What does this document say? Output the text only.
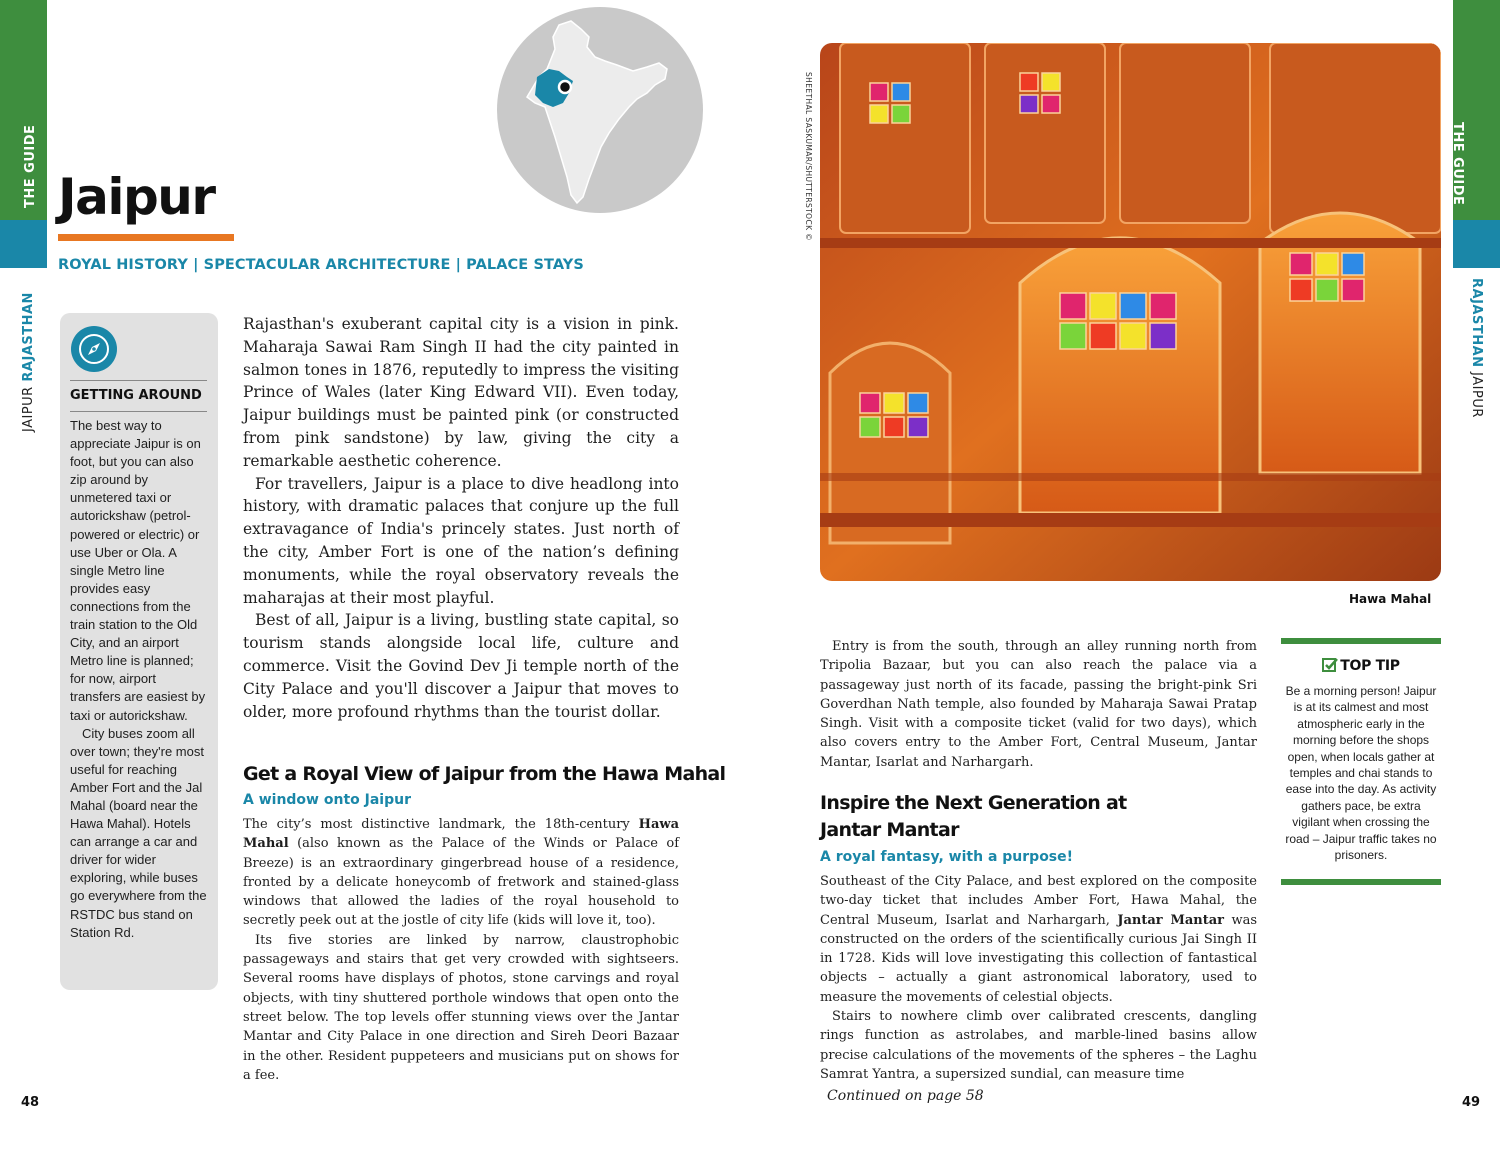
THE GUIDE
JAIPUR RAJASTHAN
48
Jaipur
ROYAL HISTORY | SPECTACULAR ARCHITECTURE | PALACE STAYS
GETTING AROUND

The best way to appreciate Jaipur is on foot, but you can also zip around by unmetered taxi or autorickshaw (petrol-powered or electric) or use Uber or Ola. A single Metro line provides easy connections from the train station to the Old City, and an airport Metro line is planned; for now, airport transfers are easiest by taxi or autorickshaw.

City buses zoom all over town; they're most useful for reaching Amber Fort and the Jal Mahal (board near the Hawa Mahal). Hotels can arrange a car and driver for wider exploring, while buses go everywhere from the RSTDC bus stand on Station Rd.

Rajasthan's exuberant capital city is a vision in pink. Maharaja Sawai Ram Singh II had the city painted in salmon tones in 1876, reputedly to impress the visiting Prince of Wales (later King Edward VII). Even today, Jaipur buildings must be painted pink (or constructed from pink sandstone) by law, giving the city a remarkable aesthetic coherence.

For travellers, Jaipur is a place to dive headlong into history, with dramatic palaces that conjure up the full extravagance of India's princely states. Just north of the city, Amber Fort is one of the nation’s defining monuments, while the royal observatory reveals the maharajas at their most playful.

Best of all, Jaipur is a living, bustling state capital, so tourism stands alongside local life, culture and commerce. Visit the Govind Dev Ji temple north of the City Palace and you'll discover a Jaipur that moves to older, more profound rhythms than the tourist dollar.

Get a Royal View of Jaipur from the Hawa Mahal
A window onto Jaipur

The city’s most distinctive landmark, the 18th-century Hawa Mahal (also known as the Palace of the Winds or Palace of Breeze) is an extraordinary gingerbread house of a residence, fronted by a delicate honeycomb of fretwork and stained-glass windows that allowed the ladies of the royal household to secretly peek out at the jostle of city life (kids will love it, too).

Its five stories are linked by narrow, claustrophobic passageways and stairs that get very crowded with sightseers. Several rooms have displays of photos, stone carvings and royal objects, with tiny shuttered porthole windows that open onto the street below. The top levels offer stunning views over the Jantar Mantar and City Palace in one direction and Sireh Deori Bazaar in the other. Resident puppeteers and musicians put on shows for a fee.

THE GUIDE
RAJASTHAN JAIPUR
49
SHEETHAL SASKUMAR/SHUTTERSTOCK ©
Hawa Mahal

Entry is from the south, through an alley running north from Tripolia Bazaar, but you can also reach the palace via a passageway just north of its facade, passing the bright-pink Sri Goverdhan Nath temple, also founded by Maharaja Sawai Pratap Singh. Visit with a composite ticket (valid for two days), which also covers entry to the Amber Fort, Central Museum, Jantar Mantar, Isarlat and Narhargarh.

Inspire the Next Generation at Jantar Mantar
A royal fantasy, with a purpose!

Southeast of the City Palace, and best explored on the composite two-day ticket that includes Amber Fort, Hawa Mahal, the Central Museum, Isarlat and Narhargarh, Jantar Mantar was constructed on the orders of the scientifically curious Jai Singh II in 1728. Kids will love investigating this collection of fantastical objects – actually a giant astronomical laboratory, used to measure the movements of celestial objects.

Stairs to nowhere climb over calibrated crescents, dangling rings function as astrolabes, and marble-lined basins allow precise calculations of the movements of the spheres – the Laghu Samrat Yantra, a supersized sundial, can measure time

Continued on page 58
TOP TIP
Be a morning person! Jaipur is at its calmest and most atmospheric early in the morning before the shops open, when locals gather at temples and chai stands to ease into the day. As activity gathers pace, be extra vigilant when crossing the road – Jaipur traffic takes no prisoners.
